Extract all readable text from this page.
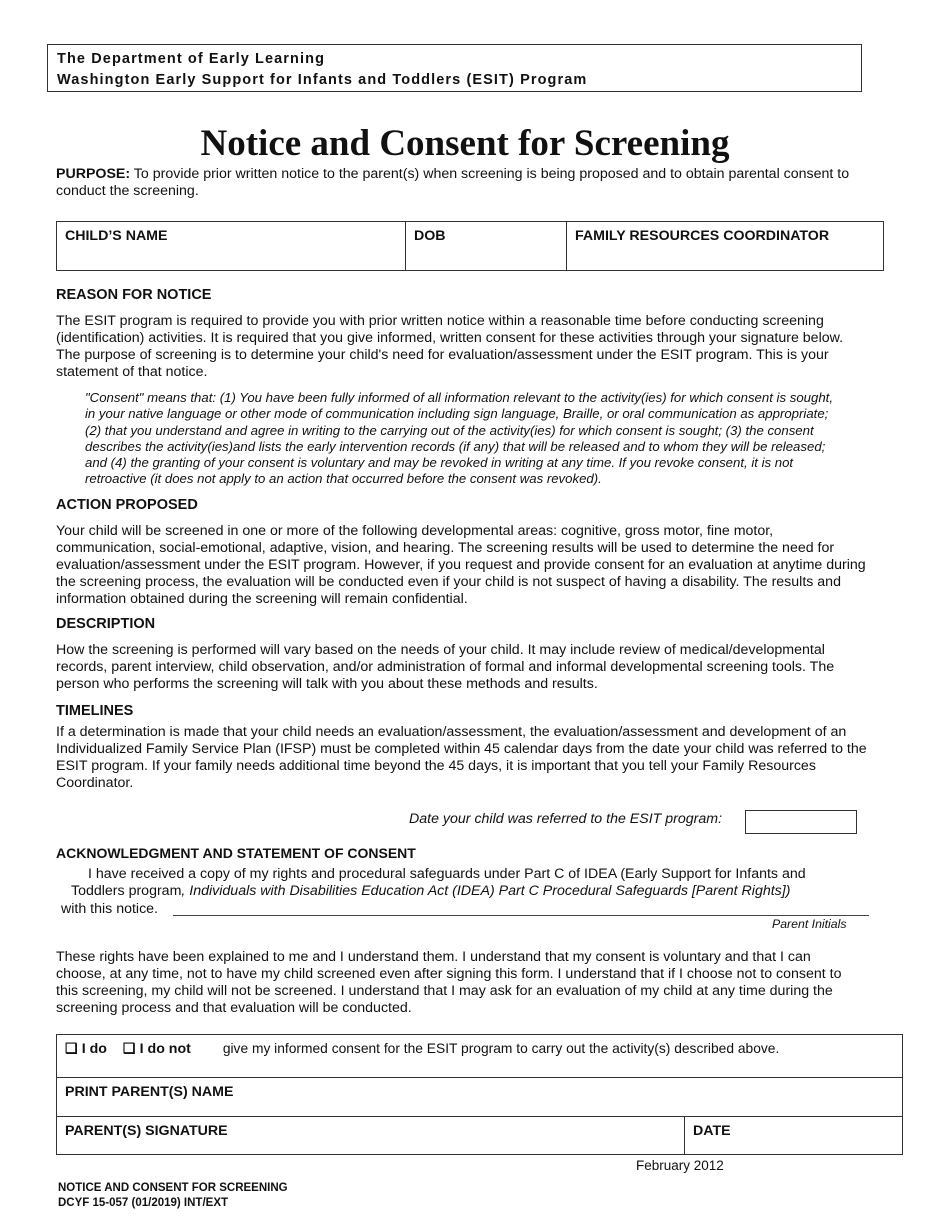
The Department of Early Learning
Washington Early Support for Infants and Toddlers (ESIT) Program
Notice and Consent for Screening
PURPOSE: To provide prior written notice to the parent(s) when screening is being proposed and to obtain parental consent to conduct the screening.
CHILD’S NAME	DOB	FAMILY RESOURCES COORDINATOR
REASON FOR NOTICE
The ESIT program is required to provide you with prior written notice within a reasonable time before conducting screening (identification) activities. It is required that you give informed, written consent for these activities through your signature below. The purpose of screening is to determine your child's need for evaluation/assessment under the ESIT program. This is your statement of that notice.
"Consent" means that: (1) You have been fully informed of all information relevant to the activity(ies) for which consent is sought, in your native language or other mode of communication including sign language, Braille, or oral communication as appropriate; (2) that you understand and agree in writing to the carrying out of the activity(ies) for which consent is sought; (3) the consent describes the activity(ies)and lists the early intervention records (if any) that will be released and to whom they will be released; and (4) the granting of your consent is voluntary and may be revoked in writing at any time. If you revoke consent, it is not retroactive (it does not apply to an action that occurred before the consent was revoked).
ACTION PROPOSED
Your child will be screened in one or more of the following developmental areas: cognitive, gross motor, fine motor, communication, social-emotional, adaptive, vision, and hearing. The screening results will be used to determine the need for evaluation/assessment under the ESIT program. However, if you request and provide consent for an evaluation at anytime during the screening process, the evaluation will be conducted even if your child is not suspect of having a disability. The results and information obtained during the screening will remain confidential.
DESCRIPTION
How the screening is performed will vary based on the needs of your child. It may include review of medical/developmental records, parent interview, child observation, and/or administration of formal and informal developmental screening tools. The person who performs the screening will talk with you about these methods and results.
TIMELINES
If a determination is made that your child needs an evaluation/assessment, the evaluation/assessment and development of an Individualized Family Service Plan (IFSP) must be completed within 45 calendar days from the date your child was referred to the ESIT program. If your family needs additional time beyond the 45 days, it is important that you tell your Family Resources Coordinator.
Date your child was referred to the ESIT program:
ACKNOWLEDGMENT AND STATEMENT OF CONSENT
I have received a copy of my rights and procedural safeguards under Part C of IDEA (Early Support for Infants and
Toddlers program, Individuals with Disabilities Education Act (IDEA) Part C Procedural Safeguards [Parent Rights])
with this notice.
Parent Initials
These rights have been explained to me and I understand them. I understand that my consent is voluntary and that I can choose, at any time, not to have my child screened even after signing this form. I understand that if I choose not to consent to this screening, my child will not be screened. I understand that I may ask for an evaluation of my child at any time during the screening process and that evaluation will be conducted.
❑ I do ❑ I do not give my informed consent for the ESIT program to carry out the activity(s) described above.
PRINT PARENT(S) NAME
PARENT(S) SIGNATURE	DATE
February 2012
NOTICE AND CONSENT FOR SCREENING
DCYF 15-057 (01/2019) INT/EXT
